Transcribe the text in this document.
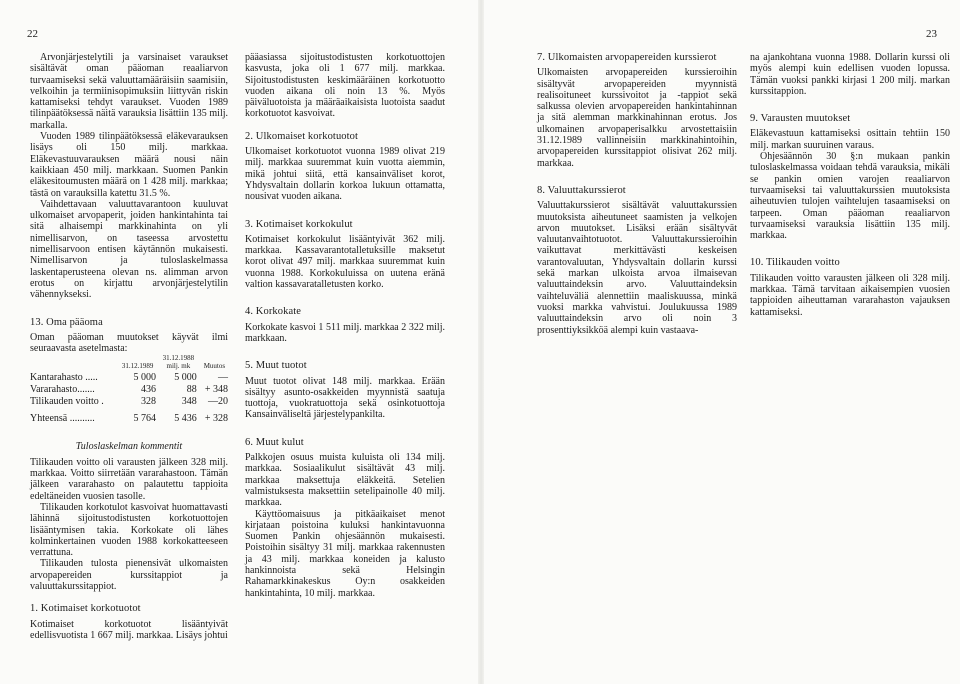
22	23

Arvonjärjestelytili ja varsinaiset varaukset sisältävät oman pääoman reaaliarvon turvaamiseksi sekä valuuttamääräisiin saamisiin, velkoihin ja termiinisopimuksiin liittyvän riskin kattamiseksi tehdyt varaukset. Vuoden 1989 tilinpäätöksessä näitä varauksia lisättiin 135 milj. markalla.

Vuoden 1989 tilinpäätöksessä eläkevarauksen lisäys oli 150 milj. markkaa. Eläkevastuuvarauksen määrä nousi näin kaikkiaan 450 milj. markkaan. Suomen Pankin eläkesitoumusten määrä on 1 428 milj. markkaa; tästä on varauksilla katettu 31.5 %.

Vaihdettavaan valuuttavarantoon kuuluvat ulkomaiset arvopaperit, joiden hankintahinta tai sitä alhaisempi markkinahinta on yli nimellisarvon, on taseessa arvostettu nimellisarvoon entisen käytännön mukaisesti. Nimellisarvon ja tuloslaskelmassa laskentaperusteena olevan ns. alimman arvon erotus on kirjattu arvonjärjestelytilin vähennykseksi.

13. Oma pääoma

Oman pääoman muutokset käyvät ilmi seuraavasta asetelmasta:

	31.12.1989	31.12.1988
milj. mk	Muutos
Kantarahasto .....	5 000	5 000	—
Vararahasto.......	436	88	+ 348
Tilikauden voitto .	328	348	—20
Yhteensä ..........	5 764	5 436	+ 328

Tuloslaskelman kommentit

Tilikauden voitto oli varausten jälkeen 328 milj. markkaa. Voitto siirretään vararahastoon. Tämän jälkeen vararahasto on palautettu tappioita edeltäneiden vuosien tasolle.

Tilikauden korkotulot kasvoivat huomattavasti lähinnä sijoitustodistusten korkotuottojen lisääntymisen takia. Korkokate oli lähes kolminkertainen vuoden 1988 korkokatteeseen verrattuna.

Tilikauden tulosta pienensivät ulkomaisten arvopapereiden kurssitappiot ja valuuttakurssitappiot.

1. Kotimaiset korkotuotot

Kotimaiset korkotuotot lisääntyivät edellisvuotista 1 667 milj. markkaa. Lisäys johtui

pääasiassa sijoitustodistusten korkotuottojen kasvusta, joka oli 1 677 milj. markkaa. Sijoitustodistusten keskimääräinen korkotuotto vuoden aikana oli noin 13 %. Myös päiväluotoista ja määräaikaisista luotoista saadut korkotuotot kasvoivat.

2. Ulkomaiset korkotuotot

Ulkomaiset korkotuotot vuonna 1989 olivat 219 milj. markkaa suuremmat kuin vuotta aiemmin, mikä johtui siitä, että kansainväliset korot, Yhdysvaltain dollarin korkoa lukuun ottamatta, nousivat vuoden aikana.

3. Kotimaiset korkokulut

Kotimaiset korkokulut lisääntyivät 362 milj. markkaa. Kassavarantotalletuksille maksetut korot olivat 497 milj. markkaa suuremmat kuin vuonna 1988. Korkokuluissa on uutena eränä valtion kassavaratalletusten korko.

4. Korkokate

Korkokate kasvoi 1 511 milj. markkaa 2 322 milj. markkaan.

5. Muut tuotot

Muut tuotot olivat 148 milj. markkaa. Erään sisältyy asunto-osakkeiden myynnistä saatuja tuottoja, vuokratuottoja sekä osinkotuottoja Kansainväliseltä järjestelypankilta.

6. Muut kulut

Palkkojen osuus muista kuluista oli 134 milj. markkaa. Sosiaalikulut sisältävät 43 milj. markkaa maksettuja eläkkeitä. Setelien valmistuksesta maksettiin setelipainolle 40 milj. markkaa.

Käyttöomaisuus ja pitkäaikaiset menot kirjataan poistoina kuluksi hankintavuonna Suomen Pankin ohjesäännön mukaisesti. Poistoihin sisältyy 31 milj. markkaa rakennusten ja 43 milj. markkaa koneiden ja kalusto hankinnoista sekä Helsingin Rahamarkkinakeskus Oy:n osakkeiden hankintahinta, 10 milj. markkaa.

7. Ulkomaisten arvopapereiden kurssierot

Ulkomaisten arvopapereiden kurssieroihin sisältyvät arvopapereiden myynnistä realisoituneet kurssivoitot ja -tappiot sekä salkussa olevien arvopapereiden hankintahinnan ja sitä alemman markkinahinnan erotus. Jos ulkomainen arvopaperisalkku arvostettaisiin 31.12.1989 vallinneisiin markkinahintoihin, arvopapereiden kurssitappiot olisivat 262 milj. markkaa.

8. Valuuttakurssierot

Valuuttakurssierot sisältävät valuuttakurssien muutoksista aiheutuneet saamisten ja velkojen arvon muutokset. Lisäksi erään sisältyvät valuutanvaihtotuotot. Valuuttakurssieroihin vaikuttavat merkittävästi keskeisen varantovaluutan, Yhdysvaltain dollarin kurssi sekä markan ulkoista arvoa ilmaisevan valuuttaindeksin arvo. Valuuttaindeksin vaihteluväliä alennettiin maaliskuussa, minkä vuoksi markka vahvistui. Joulukuussa 1989 valuuttaindeksin arvo oli noin 3 prosenttiyksikköä alempi kuin vastaava-

na ajankohtana vuonna 1988. Dollarin kurssi oli myös alempi kuin edellisen vuoden lopussa. Tämän vuoksi pankki kirjasi 1 200 milj. markan kurssitappion.

9. Varausten muutokset

Eläkevastuun kattamiseksi osittain tehtiin 150 milj. markan suuruinen varaus.

Ohjesäännön 30 §:n mukaan pankin tuloslaskelmassa voidaan tehdä varauksia, mikäli se pankin omien varojen reaaliarvon turvaamiseksi tai valuuttakurssien muutoksista aiheutuvien tulojen vaihtelujen tasaamiseksi on tarpeen. Oman pääoman reaaliarvon turvaamiseksi varauksia lisättiin 135 milj. markkaa.

10. Tilikauden voitto

Tilikauden voitto varausten jälkeen oli 328 milj. markkaa. Tämä tarvitaan aikaisempien vuosien tappioiden aiheuttaman vararahaston vajauksen kattamiseksi.
